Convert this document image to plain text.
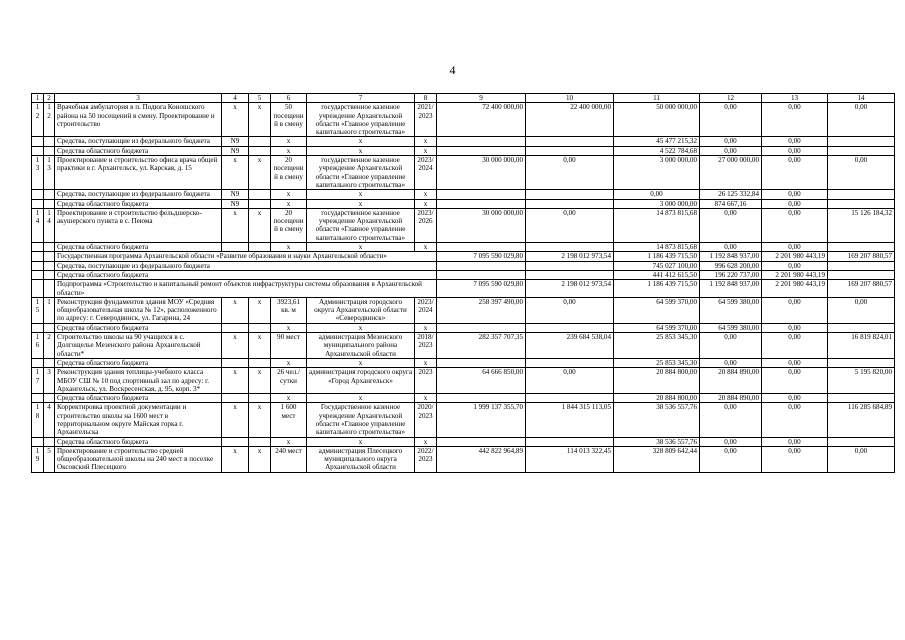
4
1	2	3	4	5	6	7	8	9	10	11	12	13	14
12	12	Врачебная амбулатория в п. Подюга Коношского района на 50 посещений в смену. Проектирование и строительство	х	х	50 посещений в смену	государственное казенное учреждение Архангельской области «Главное управление капитального строительства»	2021/ 2023	72 400 000,00	22 400 000,00	50 000 000,00	0,00	0,00	0,00
		Средства, поступающие из федерального бюджета	N9		х	х	х			45 477 215,32	0,00	0,00	
		Средства областного бюджета	N9		х	х	х			4 522 784,68	0,00	0,00	
13	13	Проектирование и строительство офиса врача общей практики в г. Архангельск, ул. Карская, д. 15	х	х	20 посещений в смену	государственное казенное учреждение Архангельской области «Главное управление капитального строительства»	2023/ 2024	30 000 000,00	0,00	3 000 000,00	27 000 000,00	0,00	0,00
		Средства, поступающие из федерального бюджета	N9		х	х	х			0,00	26 125 332,84	0,00	
		Средства областного бюджета	N9		х	х	х			3 000 000,00	874 667,16	0,00	
14	14	Проектирование и строительство фельдшерско-акушерского пункта в с. Пеюма	х	х	20 посещений в смену	государственное казенное учреждение Архангельской области «Главное управление капитального строительства»	2023/ 2026	30 000 000,00	0,00	14 873 815,68	0,00	0,00	15 126 184,32
		Средства областного бюджета			х	х	х			14 873 815,68	0,00	0,00	
		Государственная программа Архангельской области «Развитие образования и науки Архангельской области»						7 095 590 029,80	2 198 012 973,54	1 186 439 715,50	1 192 848 937,00	2 201 980 443,19	169 207 880,57
		Средства, поступающие из федерального бюджета								745 027 100,00	996 628 200,00	0,00	
		Средства областного бюджета								441 412 615,50	196 220 737,00	2 201 980 443,19	
		Подпрограмма «Строительство и капитальный ремонт объектов инфраструктуры системы образования в Архангельской области»						7 095 590 029,80	2 198 012 973,54	1 186 439 715,50	1 192 848 937,00	2 201 980 443,19	169 207 880,57
15	1	Реконструкция фундаментов здания МОУ «Средняя общеобразовательная школа № 12», расположенного по адресу: г. Северодвинск, ул. Гагарина, 24	х	х	3923,61 кв. м	Администрация городского округа Архангельской области «Северодвинск»	2023/ 2024	258 397 490,00	0,00	64 599 370,00	64 599 380,00	0,00	0,00
		Средства областного бюджета			х	х	х			64 599 370,00	64 599 380,00	0,00	
16	2	Строительство школы на 90 учащихся в с. Долгощелье Мезенского района Архангельской области*	х	х	90 мест	администрация Мезенского муниципального района Архангельской области	2018/ 2023	282 357 707,35	239 684 538,04	25 853 345,30	0,00	0,00	16 819 824,01
		Средства областного бюджета			х	х	х			25 853 345,30	0,00	0,00	
17	3	Реконструкция здания теплицы-учебного класса МБОУ СШ № 10 под спортивный зал по адресу: г. Архангельск, ул. Воскресенская, д. 95, корп. 3*	х	х	26 чел./сутки	администрация городского округа «Город Архангельск»	2023	64 666 850,00	0,00	20 884 800,00	20 884 890,00	0,00	5 195 820,00
		Средства областного бюджета			х	х	х			20 884 800,00	20 884 890,00	0,00	
18	4	Корректировка проектной документации и строительство школы на 1600 мест в территориальном округе Майская горка г. Архангельска	х	х	1 600 мест	Государственное казенное учреждение Архангельской области «Главное управление капитального строительства»	2020/ 2023	1 999 137 355,70	1 844 315 113,05	38 536 557,76	0,00	0,00	116 285 684,89
		Средства областного бюджета			х	х	х			38 536 557,76	0,00	0,00	
19	5	Проектирование и строительство средней общеобразовательной школы на 240 мест в поселке Оксовский Плесецкого	х	х	240 мест	администрация Плесецкого муниципального округа Архангельской области	2022/ 2023	442 822 964,89	114 013 322,45	328 809 642,44	0,00	0,00	0,00
